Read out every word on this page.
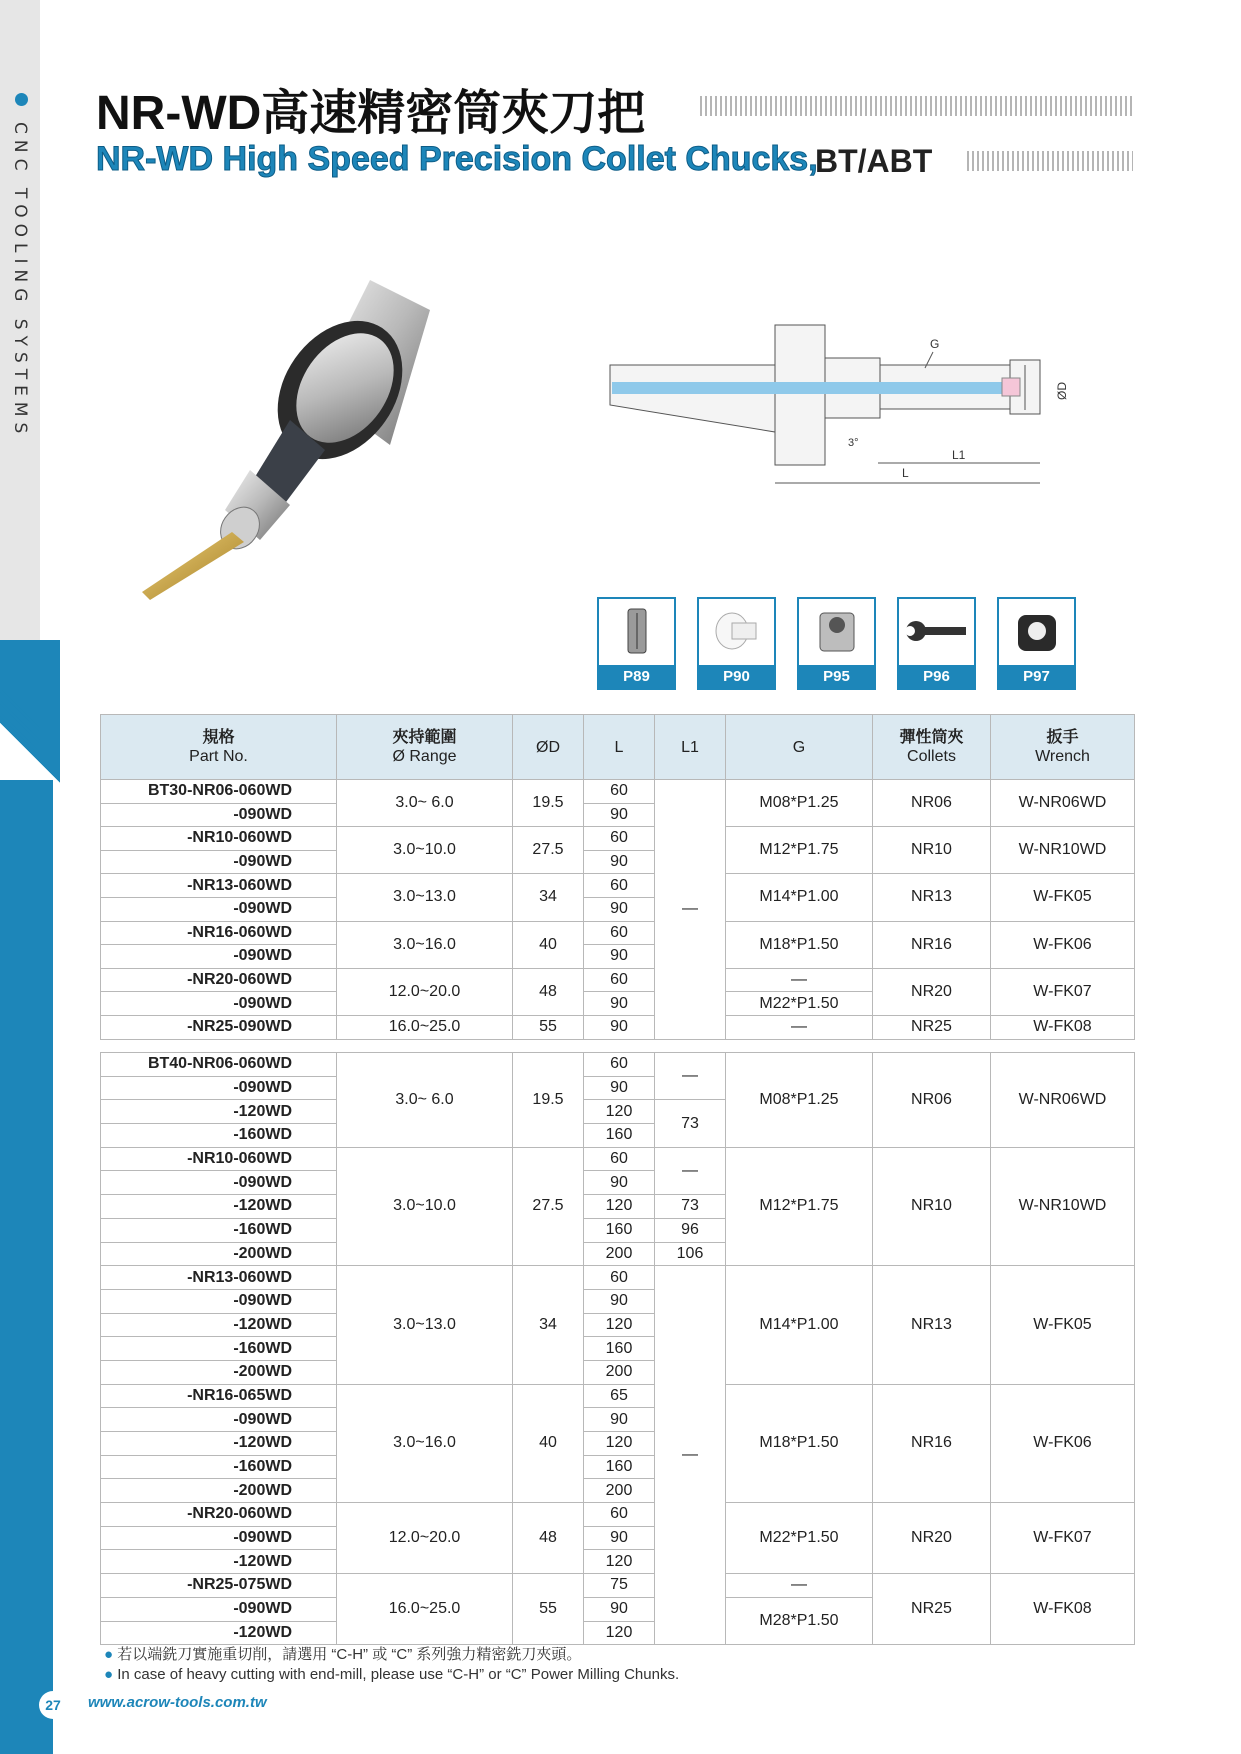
CNC TOOLING SYSTEMS
27	www.acrow-tools.com.tw
NR-WD高速精密筒夾刀把
NR-WD High Speed Precision Collet Chucks,
BT/ABT
ØD
G
3°
L1
L
P89	P90	P95	P96	P97
規格
Part No.	夾持範圍
Ø Range	ØD	L	L1	G	彈性筒夾
Collets	扳手
Wrench
BT30-NR06-060WD	3.0~ 6.0	19.5	60	—	M08*P1.25	NR06	W-NR06WD
-090WD			90				
-NR10-060WD	3.0~10.0	27.5	60		M12*P1.75	NR10	W-NR10WD
-090WD			90				
-NR13-060WD	3.0~13.0	34	60		M14*P1.00	NR13	W-FK05
-090WD			90				
-NR16-060WD	3.0~16.0	40	60		M18*P1.50	NR16	W-FK06
-090WD			90				
-NR20-060WD	12.0~20.0	48	60		—	NR20	W-FK07
-090WD			90		M22*P1.50		
-NR25-090WD	16.0~25.0	55	90		—	NR25	W-FK08
BT40-NR06-060WD	3.0~ 6.0	19.5	60	—	M08*P1.25	NR06	W-NR06WD
-090WD			90				
-120WD			120	73			
-160WD			160				
-NR10-060WD	3.0~10.0	27.5	60	—	M12*P1.75	NR10	W-NR10WD
-090WD			90				
-120WD			120	73			
-160WD			160	96			
-200WD			200	106			
-NR13-060WD	3.0~13.0	34	60	—	M14*P1.00	NR13	W-FK05
-090WD			90				
-120WD			120				
-160WD			160				
-200WD			200				
-NR16-065WD	3.0~16.0	40	65		M18*P1.50	NR16	W-FK06
-090WD			90				
-120WD			120				
-160WD			160				
-200WD			200				
-NR20-060WD	12.0~20.0	48	60		M22*P1.50	NR20	W-FK07
-090WD			90				
-120WD			120				
-NR25-075WD	16.0~25.0	55	75		—	NR25	W-FK08
-090WD			90		M28*P1.50		
-120WD			120				
● 若以端銑刀實施重切削，請選用 “C-H” 或 “C” 系列強力精密銑刀夾頭。
● In case of heavy cutting with end-mill, please use “C-H” or “C” Power Milling Chunks.
